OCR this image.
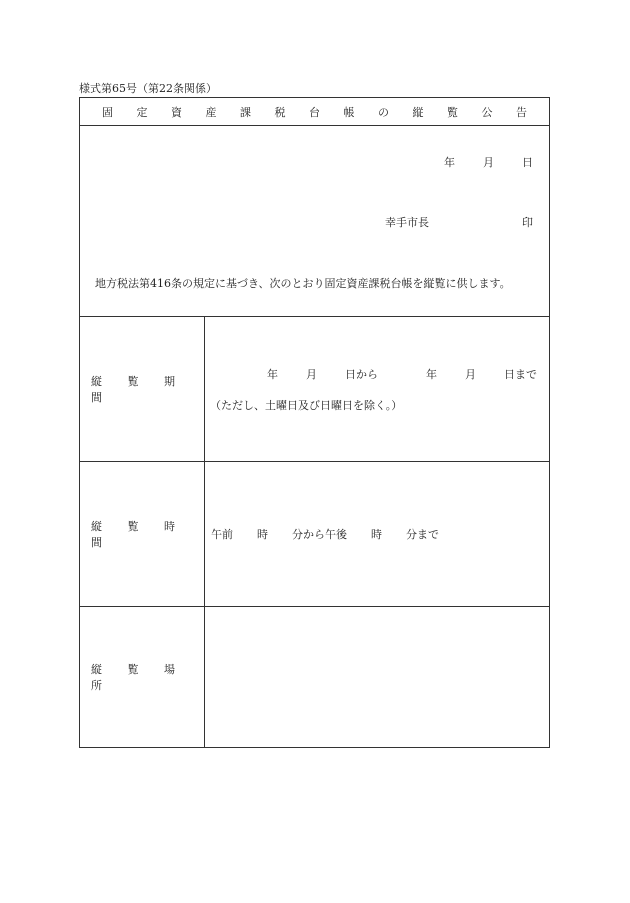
様式第65号（第22条関係）
固 定 資 産 課 税 台 帳 の 縦 覧 公 告
年	月	日
幸手市長	印
地方税法第416条の規定に基づき、次のとおり固定資産課税台帳を縦覧に供します。
縦 覧 期 間
年	月	日から	年	月	日まで
（ただし、土曜日及び日曜日を除く。）
縦 覧 時 間
午前 時 分から午後 時 分まで
縦 覧 場 所
